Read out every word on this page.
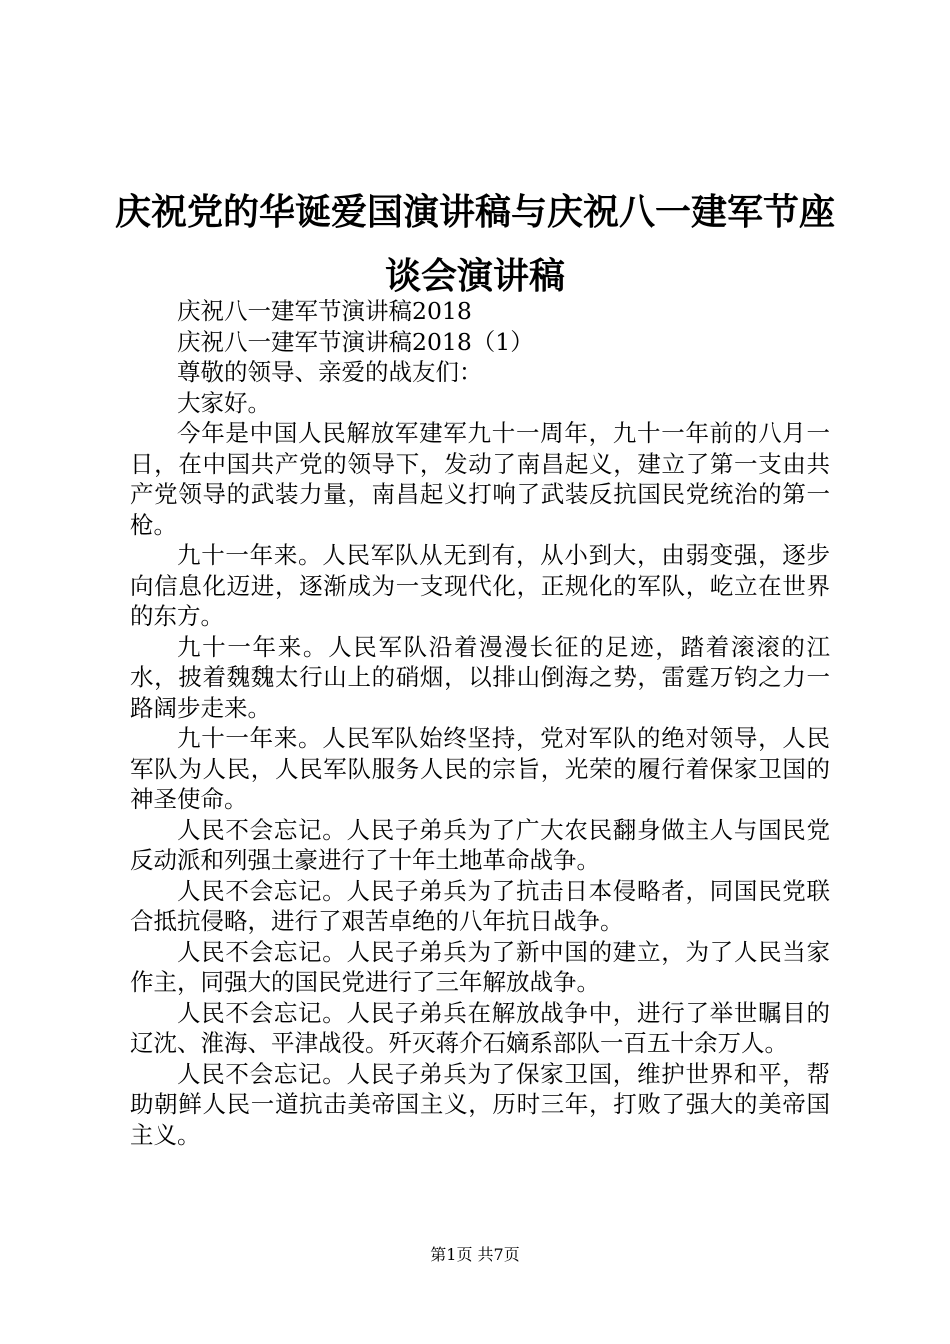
庆祝党的华诞爱国演讲稿与庆祝八一建军节座
谈会演讲稿

庆祝八一建军节演讲稿2018

庆祝八一建军节演讲稿2018（1）

尊敬的领导、亲爱的战友们：

大家好。

今年是中国人民解放军建军九十一周年，九十一年前的八月一日，在中国共产党的领导下，发动了南昌起义，建立了第一支由共产党领导的武装力量，南昌起义打响了武装反抗国民党统治的第一枪。

九十一年来。人民军队从无到有，从小到大，由弱变强，逐步向信息化迈进，逐渐成为一支现代化，正规化的军队，屹立在世界的东方。

九十一年来。人民军队沿着漫漫长征的足迹，踏着滚滚的江水，披着魏魏太行山上的硝烟，以排山倒海之势，雷霆万钧之力一路阔步走来。

九十一年来。人民军队始终坚持，党对军队的绝对领导，人民军队为人民，人民军队服务人民的宗旨，光荣的履行着保家卫国的神圣使命。

人民不会忘记。人民子弟兵为了广大农民翻身做主人与国民党反动派和列强土豪进行了十年土地革命战争。

人民不会忘记。人民子弟兵为了抗击日本侵略者，同国民党联合抵抗侵略，进行了艰苦卓绝的八年抗日战争。

人民不会忘记。人民子弟兵为了新中国的建立，为了人民当家作主，同强大的国民党进行了三年解放战争。

人民不会忘记。人民子弟兵在解放战争中，进行了举世瞩目的辽沈、淮海、平津战役。歼灭蒋介石嫡系部队一百五十余万人。

人民不会忘记。人民子弟兵为了保家卫国，维护世界和平，帮助朝鲜人民一道抗击美帝国主义，历时三年，打败了强大的美帝国主义。

第1页 共7页
